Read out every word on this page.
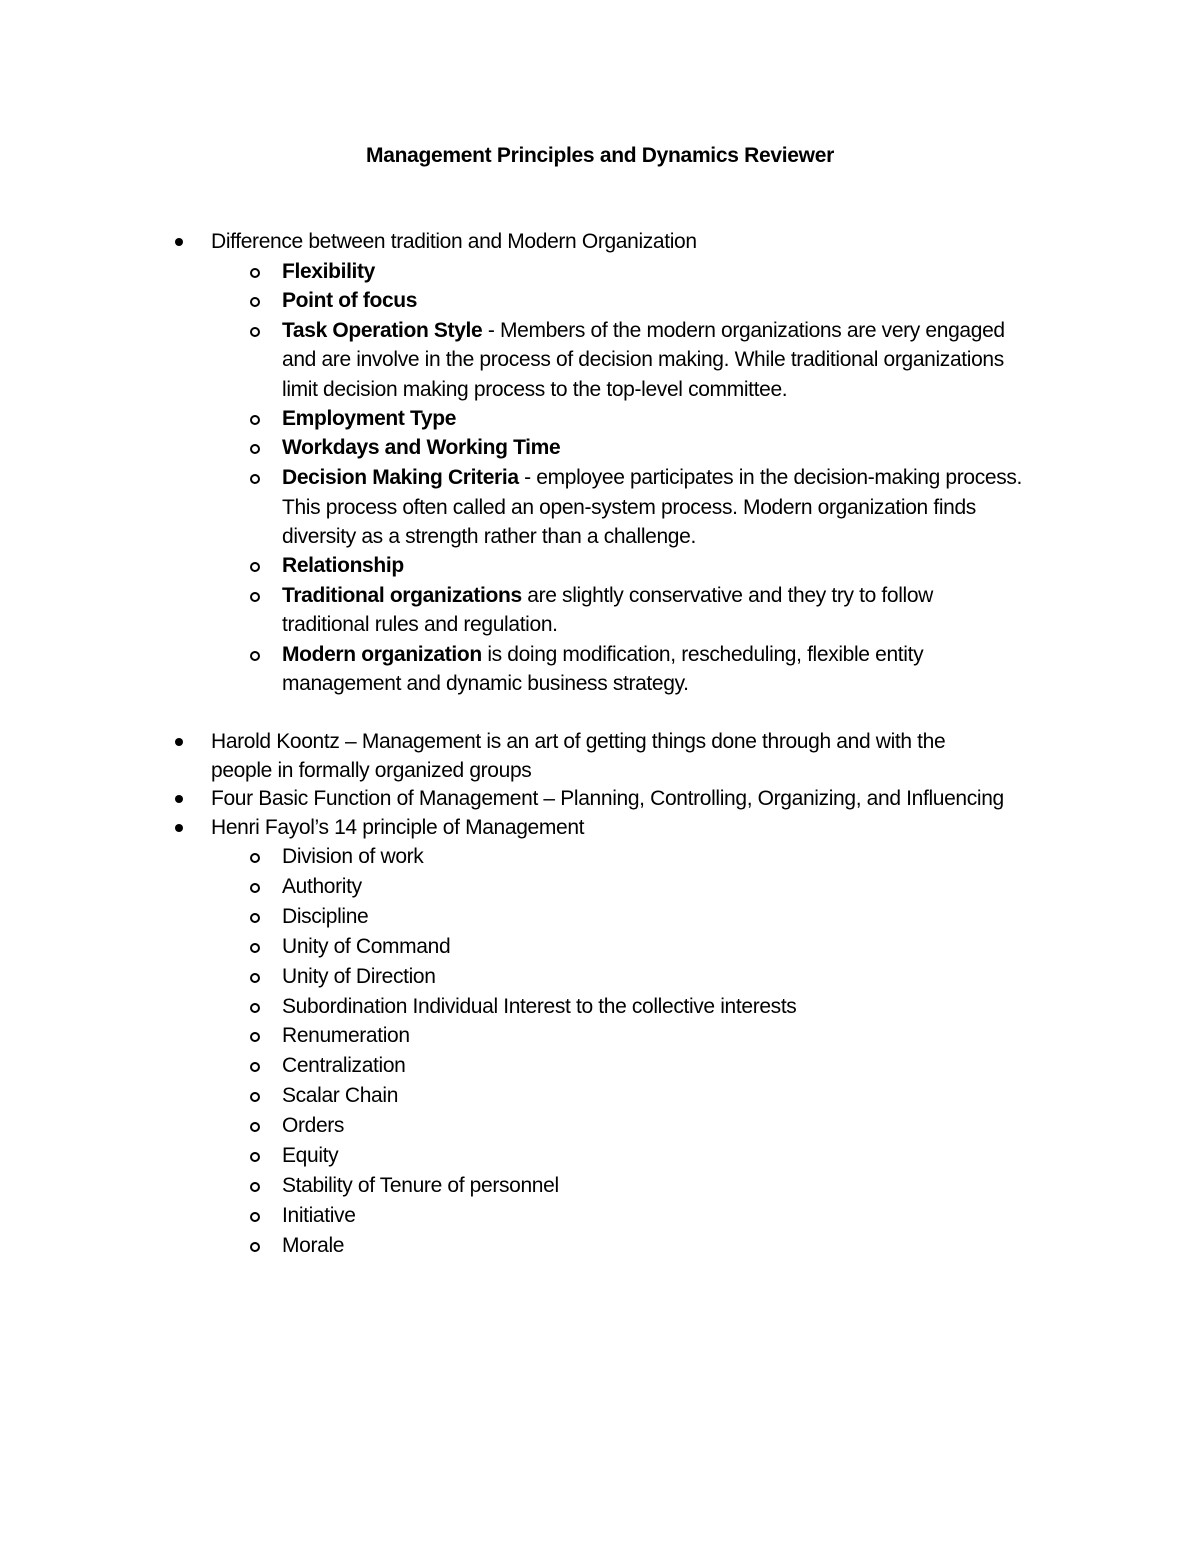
Management Principles and Dynamics Reviewer
Difference between tradition and Modern Organization
Flexibility
Point of focus
Task Operation Style - Members of the modern organizations are very engaged
and are involve in the process of decision making. While traditional organizations
limit decision making process to the top-level committee.
Employment Type
Workdays and Working Time
Decision Making Criteria - employee participates in the decision-making process.
This process often called an open-system process. Modern organization finds
diversity as a strength rather than a challenge.
Relationship
Traditional organizations are slightly conservative and they try to follow
traditional rules and regulation.
Modern organization is doing modification, rescheduling, flexible entity
management and dynamic business strategy.
Harold Koontz – Management is an art of getting things done through and with the
people in formally organized groups
Four Basic Function of Management – Planning, Controlling, Organizing, and Influencing
Henri Fayol’s 14 principle of Management
Division of work
Authority
Discipline
Unity of Command
Unity of Direction
Subordination Individual Interest to the collective interests
Renumeration
Centralization
Scalar Chain
Orders
Equity
Stability of Tenure of personnel
Initiative
Morale
